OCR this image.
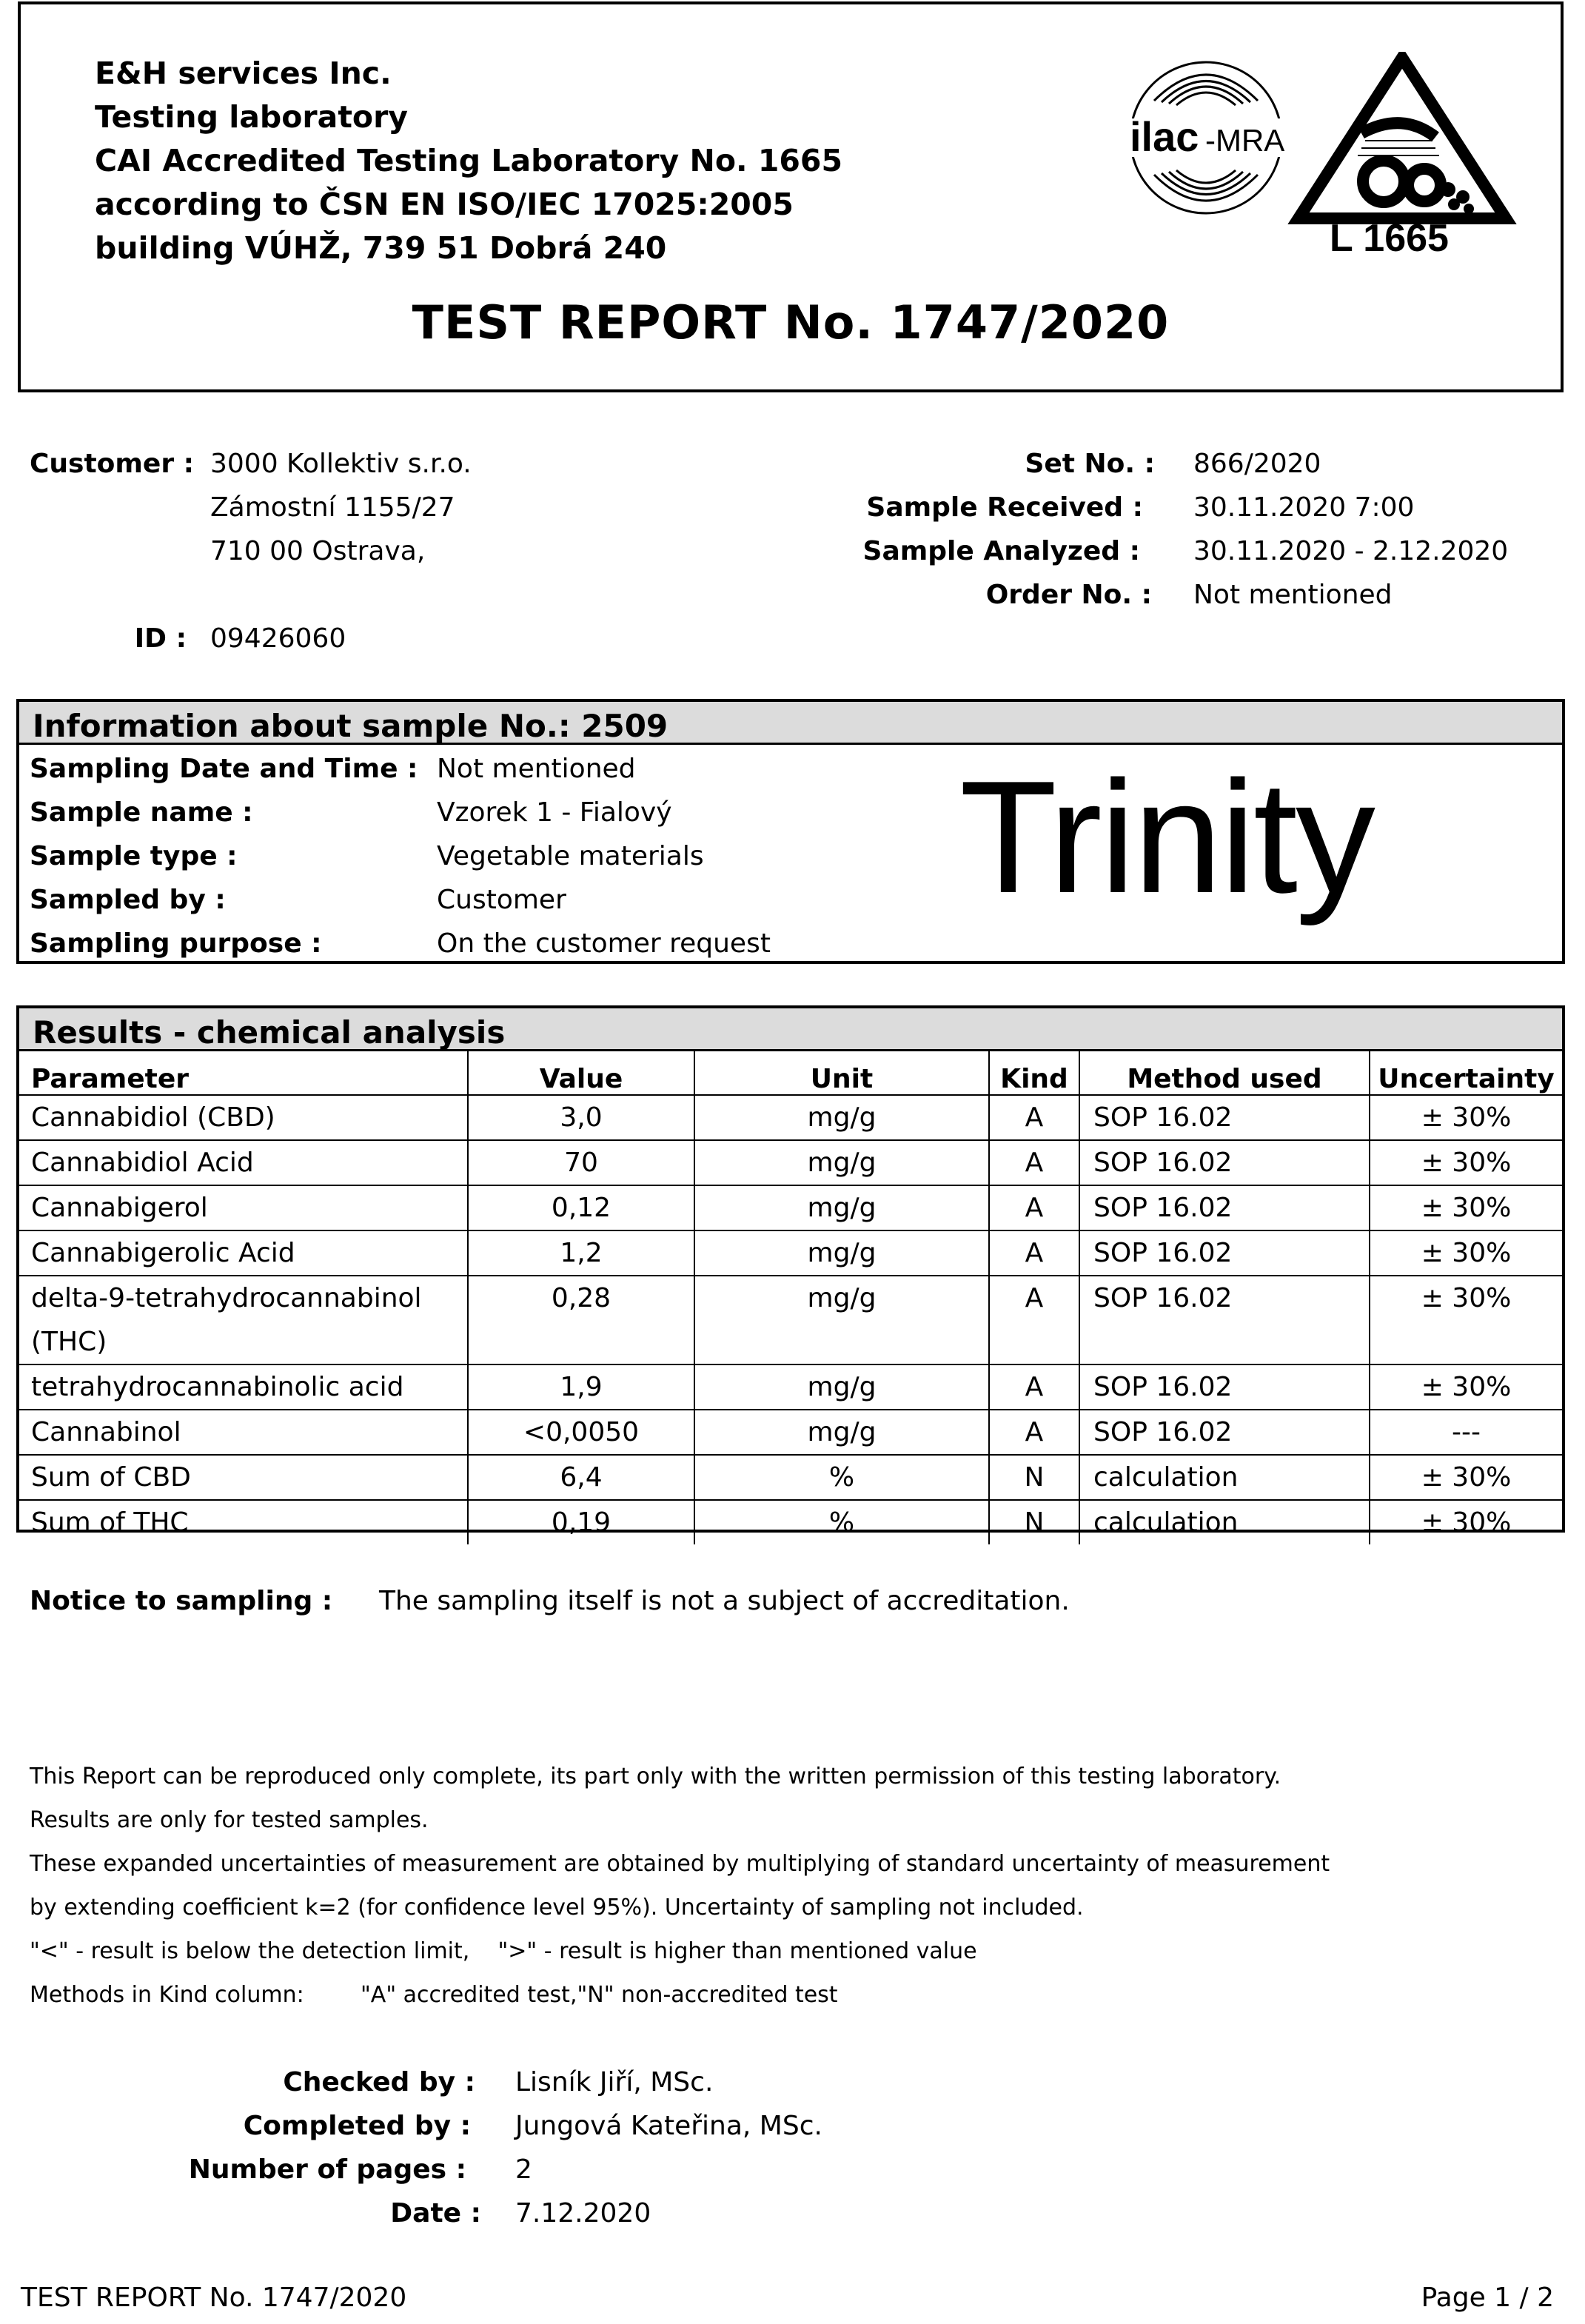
E&H services Inc.
Testing laboratory
CAI Accredited Testing Laboratory No. 1665
according to ČSN EN ISO/IEC 17025:2005
building VÚHŽ, 739 51 Dobrá 240
ilac -MRA
L 1665
TEST REPORT No. 1747/2020
Customer : 3000 Kollektiv s.r.o.
Zámostní 1155/27
710 00 Ostrava,
ID : 09426060
Set No. : 866/2020
Sample Received : 30.11.2020 7:00
Sample Analyzed : 30.11.2020 - 2.12.2020
Order No. : Not mentioned
Information about sample No.: 2509
Sampling Date and Time : Not mentioned
Sample name :	Vzorek 1 - Fialový
Sample type :	Vegetable materials
Sampled by :	Customer
Sampling purpose :	On the customer request
Trinity
Results - chemical analysis
Parameter	Value	Unit	Kind	Method used	Uncertainty
Cannabidiol (CBD)	3,0	mg/g	A	SOP 16.02	± 30%
Cannabidiol Acid	70	mg/g	A	SOP 16.02	± 30%
Cannabigerol	0,12	mg/g	A	SOP 16.02	± 30%
Cannabigerolic Acid	1,2	mg/g	A	SOP 16.02	± 30%

delta-9-tetrahydrocannabinol
(THC)	0,28	mg/g	A	SOP 16.02	± 30%
tetrahydrocannabinolic acid	1,9	mg/g	A	SOP 16.02	± 30%
Cannabinol	<0,0050	mg/g	A	SOP 16.02	---
Sum of CBD	6,4	%	N	calculation	± 30%
Sum of THC	0,19	%	N	calculation	± 30%
Notice to sampling : The sampling itself is not a subject of accreditation.
This Report can be reproduced only complete, its part only with the written permission of this testing laboratory.
Results are only for tested samples.
These expanded uncertainties of measurement are obtained by multiplying of standard uncertainty of measurement
by extending coefficient k=2 (for confidence level 95%). Uncertainty of sampling not included.
"<" - result is below the detection limit,    ">" - result is higher than mentioned value
Methods in Kind column:        "A" accredited test,"N" non-accredited test
Checked by : Lisník Jiří, MSc.
Completed by : Jungová Kateřina, MSc.
Number of pages : 2
Date : 7.12.2020
TEST REPORT No. 1747/2020	Page 1 / 2
